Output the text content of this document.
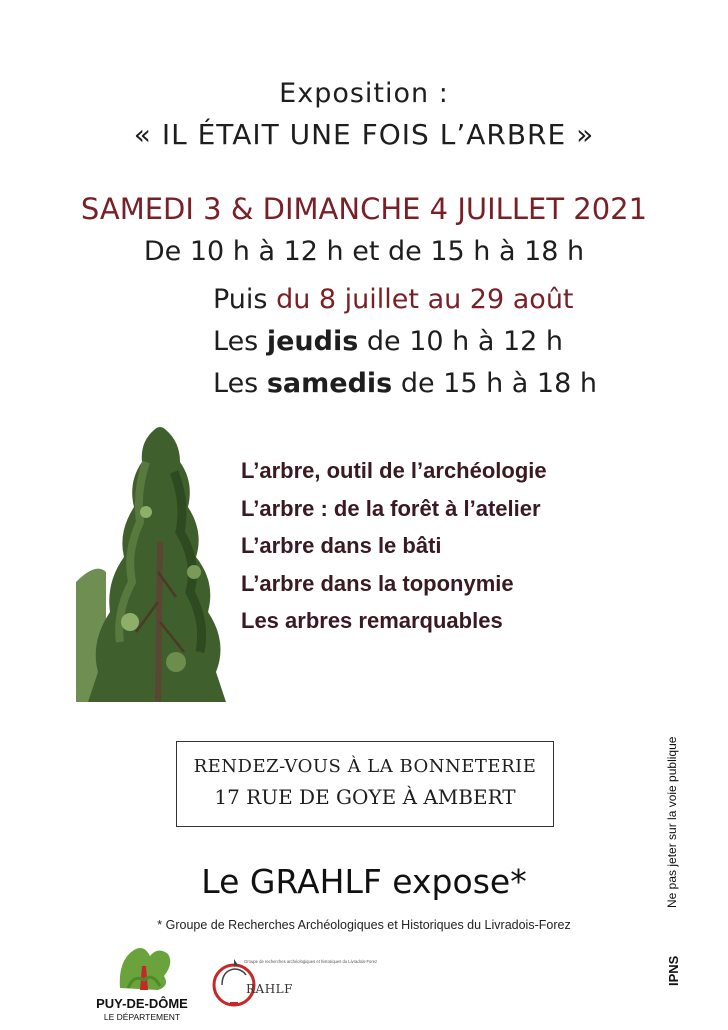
Exposition :
« IL ÉTAIT UNE FOIS L’ARBRE »
SAMEDI 3 & DIMANCHE 4 JUILLET 2021
De 10 h à 12 h et de 15 h à 18 h
Puis du 8 juillet au 29 août
Les jeudis de 10 h à 12 h
Les samedis de 15 h à 18 h
L’arbre, outil de l’archéologie
L’arbre : de la forêt à l’atelier
L’arbre dans le bâti
L’arbre dans la toponymie
Les arbres remarquables
RENDEZ-VOUS À LA BONNETERIE
17 RUE DE GOYE À AMBERT
Le GRAHLF expose*
* Groupe de Recherches Archéologiques et Historiques du Livradois-Forez
Ne pas jeter sur la voie publique
IPNS
PUY-DE-DÔME
LE DÉPARTEMENT
Groupe de recherches archéologiques et historiques du Livradois-Forez
RAHLF
